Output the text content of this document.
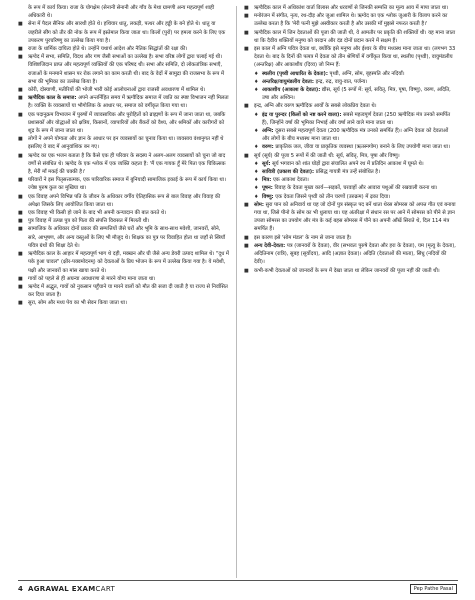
के रूप में कार्य किया। राजा के योगक्षेम (सेनानी सेनानी और गाँव के मेथा ग्रामणी अन्य महत्वपूर्ण शाही अधिकारी थे।

■ सेना में पैदल सैनिक और सारथी होते थे। हथियार धातु, लकड़ी, पत्थर और हड्डी के बने होते थे। धातु या जहरीले सींग को तीर की नोक के रूप में इस्तेमाल किया जाता था। किलों (पुरों) पर हमला करने के लिए एक उपकरण पुरचरिष्णु का उल्लेख किया गया है।

■ राजा के धार्मिक दायित्व होते थे। उन्होंने यथार्थ आदेश और नैतिक सिद्धांतों की रक्षा की।

■ ऋग्वेद में सभा, समिति, विदथ और गण जैसी सभाओं का उल्लेख है। सभा वरिष्ठ लोगों द्वारा चलाई गई थी। विशिष्टजिदान प्राप्त और महत्वपूर्ण व्यक्तियों की एक परिषद थी। सभा और समिति, दो लोकतांत्रिक सभाएँ, राजाओं के मनमाने शासन पर रोक लगाने का काम करती थी। बाद के वेदों में सामुद्रा की राजसभा के रूप में सभा की भूमिका का उल्लेख किया है।

■ कोरी, दोस्याणी, मतीरियों की भोजी भारी कोई आलोचनाओं द्वारा राजसी अवधारणा में शामिल थे।

■ ऋग्वैदिक काल के समाज: अपने अन्तर्निहित समय में ऋग्वैदिक समाज में जाति का स्पष्ट विभाजन नहीं मिलता है। व्यक्ति के व्यवसायों या भौगोलिक के आधार पर, समाज को वर्गीकृत किया गया था।

■ एक पदानुक्रम विभाजन में पुरुषों में व्यावसायिक और पुरोहितों को ब्राह्मणों के रूप में जाना जाता था, जबकि प्रशासकों और योद्धाओं को क्षत्रिय, किसानों, व्यापारियों और बैंकरों को वैश्य, और श्रमिकों और कारीगरों को शूद्र के रूप में जाना जाता था।

■ लोगों ने अपने योग्यता और ज्ञान के आधार पर इन व्यवसायों का चुनाव किया था। व्यवसाय वंशानुगत नहीं थे इसलिए वे बाद में आनुवांशिक बन गए।

■ ऋग्वेद का एक भजन बताता है कि कैसे एक ही परिवार के सदस्य ने अलग-अलग व्यवसायों को चुना जो बाद वर्णों से संबंधित थे। ऋग्वेद के एक श्लोक में एक व्यक्ति कहता है: 'मैं एक गायक हूँ मेरे पिता एक चिकित्सक है, मेरी माँ मकई की चक्की है।'

■ परिवारों ने इस पितृसत्तात्मक, एक पारिवारिक समाज में बुनियादी सामाजिक इकाई के रूप में कार्य किया था। ज्येष्ठ पुरुष कुल का मुखिया था।

■ एक विवाह अपने विभिन्न पति के जीवन के अधिकार वर्गीय ऐतिहासिक रूप से बाल विवाह और विवाह की अपेक्षा जिसके लिए आयोजित किया जाता था।

■ एक विवाह भी किसी हो जाने के बाद भी अपनी कन्यादान की बात करते थे।

■ पुत्र विवाह में उत्पन्न पुत्र को पिता की संपत्ति विरासत में मिलती थी।

■ सामाजिक के अधिकार दोनों प्रकार की सम्पत्तियों जैसे घरों और भूमि के साथ-साथ मवेशी, जानवरों, सोने, सारे, आभूषण, और अन्य वस्तुओं के लिए भी मौजूद थे। शिक्षक का पुत्र पर विवाहित होता था जहाँ से स्त्रियाँ पवित्र ग्रंथों की शिक्षा देते थे।

■ ऋग्वैदिक काल के आहार में महत्वपूर्ण भाग थे दही, मक्खन और घी जैसे अन्य डेयरी उत्पाद शामिल थे। "दूध में पके हुआ चावल" (क्षीर-पक्वमोदनम्) को देवताओं के प्रिय भोजन के रूप में उल्लेख किया गया है। ये मवेशी, पक्षी और जानवरों का मांस खाया करते थे।

■ गायों को पहले से ही अघन्या अवधारणा से मारने योग्य माना जाता था।

■ ऋग्वेद में अद्भुत, गायों को नुकसान पहुँचाने या मारने वालों को मौत की सजा दी जाती है या राज्य से निर्वासित कर दिया जाता है।

■ सुरा, सोम और मध्य पेय का भी सेवन किया जाता था।

■ ऋग्वैदिक काल में अधिकांश वार्ता विलास और धरवणों से जिनकी सम्पत्ति का मूल्य आय में मापा जाता था।

■ मनोरंजन में संगीत, नृत्य, रथ-दौड़ और जुआ शामिल थे। ऋग्वेद का एक श्लोक जुआरी के विलाप करने का उल्लेख करता है कि 'मेरी पत्नी मुझे अस्वीकार करती है और उसकी माँ मुझसे नफरत करती है।'

■ ऋग्वैदिक काल में जिन देवताओं की पूजा की जाती थी, वे आमतौर पर प्रकृति की शक्तियों थी। यह माना जाता था कि दैवीय शक्तियों मनुष्य को वरदान और दंड दोनों प्रदान करने में सक्षम हैं।

■ इस काल में अग्नि पवित्र देवता था, क्योंकि इसे मनुष्य और ईश्वर के बीच मध्यस्थ माना जाता था। (लगभग 33 देवता थे। बाद के दिनों की पत्पत्र में देवता को तीन श्रेणियों में वर्गीकृत किया था, स्थलीय (पृथ्वी), वायुमंडलीय (अन्तरिक्ष) और आकाशीय (दिव्य) जो निम्न हैं:

♦ स्थलीय (पृथ्वी आधारित के देवता): पृथ्वी, अग्नि, सोम, बृहस्पति और नदियाँ।

♦ अन्तरिक्ष/वायुमंडलीय देवता: इन्द्र, रुद्र, वायु-वात, पर्जन्य।

♦ आकाशीय (आकाश के देवता): द्यौस, सूर्य (5 रूपों में: सूर्य, सवितृ, मित्र, पूषा, विष्णु), वरुण, अदिति, उषा और अश्विन।

■ इन्द्र, अग्नि और वरुण ऋग्वैदिक आर्यों के सबसे लोकप्रिय देवता थे।

♦ इंद्र या पुरन्दर (किलों को नष्ट करने वाला): सबसे महत्वपूर्ण देवता (250 ऋग्वैदिक मंत्र उनको समर्पित हैं), जिन्होंने वर्षा की भूमिका निभाई और वर्षा लाने वाले माना जाता था।

♦ अग्नि: दूसरा सबसे महत्वपूर्ण देवता (200 ऋग्वैदिक मंत्र उनको समर्पित हैं)। अग्नि देवता को देवताओं और लोगों के बीच मध्यस्थ माना जाता था।

♦ वरुण: प्राकृतिक जल, जीवा या प्राकृतिक व्यवस्था (ऋतस्नगोम) बनाने के लिए उपयोगी माना जाता था।

■ सूर्य (सूर्य) की पूजा 5 रूपों में की जाती थी: सूर्य, सवितृ, मित्र, पूषा और विष्णु।

♦ सूर्य: सूर्य भगवान को शांत घोड़ों द्वारा संचालित अपने रथ में प्रतिदिन आकाश में घूमते थे।

♦ सावित्री (प्रकाश की देवता): प्रसिद्ध गायत्री मंत्र उन्हें संबोधित है।

♦ मित्र: एक आकाश देवता।

♦ पूषन: विवाह के देवता मुख्य कार्य—सड़कों, चरवाहों और आवारा पशुओं की रखवाली करना था।

♦ विष्णु: एक देवता जिसने पृथ्वी को तीन चरणों (उरुक्रम) में ढ़का दिया।

■ सोम: सुरा पान को अनिवार्य था यह जो दोनों पुत्र संस्कृत पद बनें थाता थेरस सोमरस को अपत्त गीत एवं बनाया गया था, जिसे पीनो के सोम का भी धुलाया था। यह अंतरिक्षा में संधान रस पर आने में सोमरस को पीने से ज्ञान उपजा सोमरस का उपयोग और मंत्र के कई बहस सोमरस में पौने का अपनी आँखें सिराते थे, दिल 114 मंत्र समर्पित हैं।

■ इस कारण इसे 'सोम मंडल' के नाम से जाना जाता है।

■ अन्य देवी-देवता: पत्र (जानवरों के देवता), वीर (सभवतः पुरुषे देवता और हरा के देवता), यम (मृत्यु के देवता), अदितिनाम (रात्रि), सुबह (सूर्योदय), आदि (अज्ञात देवता)। अदिति (देवताओं की माता), सिंधु (नदियों की देवी)।

■ कभी-कभी देवताओं को जानवरों के रूप में देखा जाता था लेकिन जानवरों की पूजा नहीं की जाती थी।

4 AGRAWAL EXAMCART	Pep Pathe Pasal
